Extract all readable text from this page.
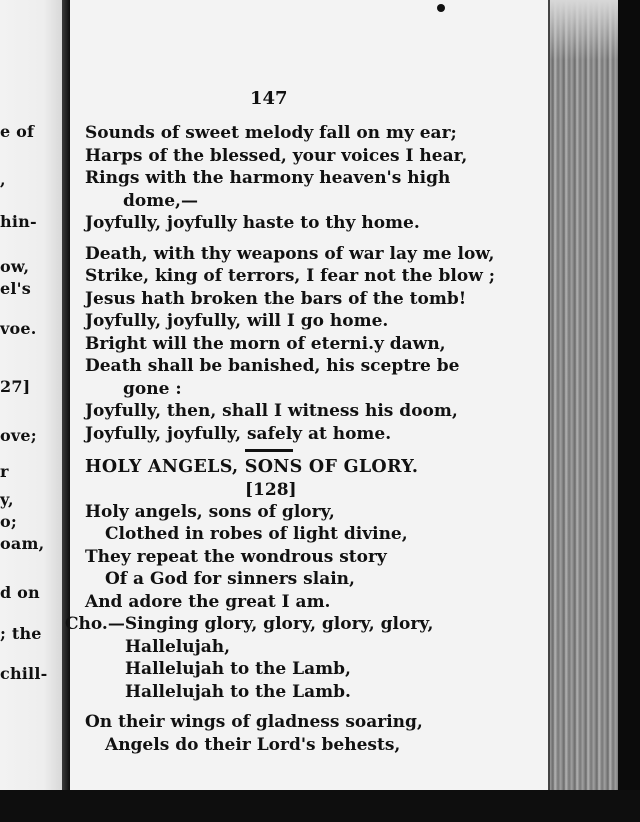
e of
,
hin-
ow,
el's
voe.
27]
ove;
r
y,
o;
oam,
d on
; the
chill-
147
Sounds of sweet melody fall on my ear;
Harps of the blessed, your voices I hear,
Rings with the harmony heaven's high
dome,—
Joyfully, joyfully haste to thy home.
Death, with thy weapons of war lay me low,
Strike, king of terrors, I fear not the blow ;
Jesus hath broken the bars of the tomb!
Joyfully, joyfully, will I go home.
Bright will the morn of eterni.y dawn,
Death shall be banished, his sceptre be
gone :
Joyfully, then, shall I witness his doom,
Joyfully, joyfully, safely at home.
HOLY ANGELS, SONS OF GLORY.
[128]
Holy angels, sons of glory,
Clothed in robes of light divine,
They repeat the wondrous story
Of a God for sinners slain,
And adore the great I am.
Cho.—Singing glory, glory, glory, glory,
Hallelujah,
Hallelujah to the Lamb,
Hallelujah to the Lamb.
On their wings of gladness soaring,
Angels do their Lord's behests,
